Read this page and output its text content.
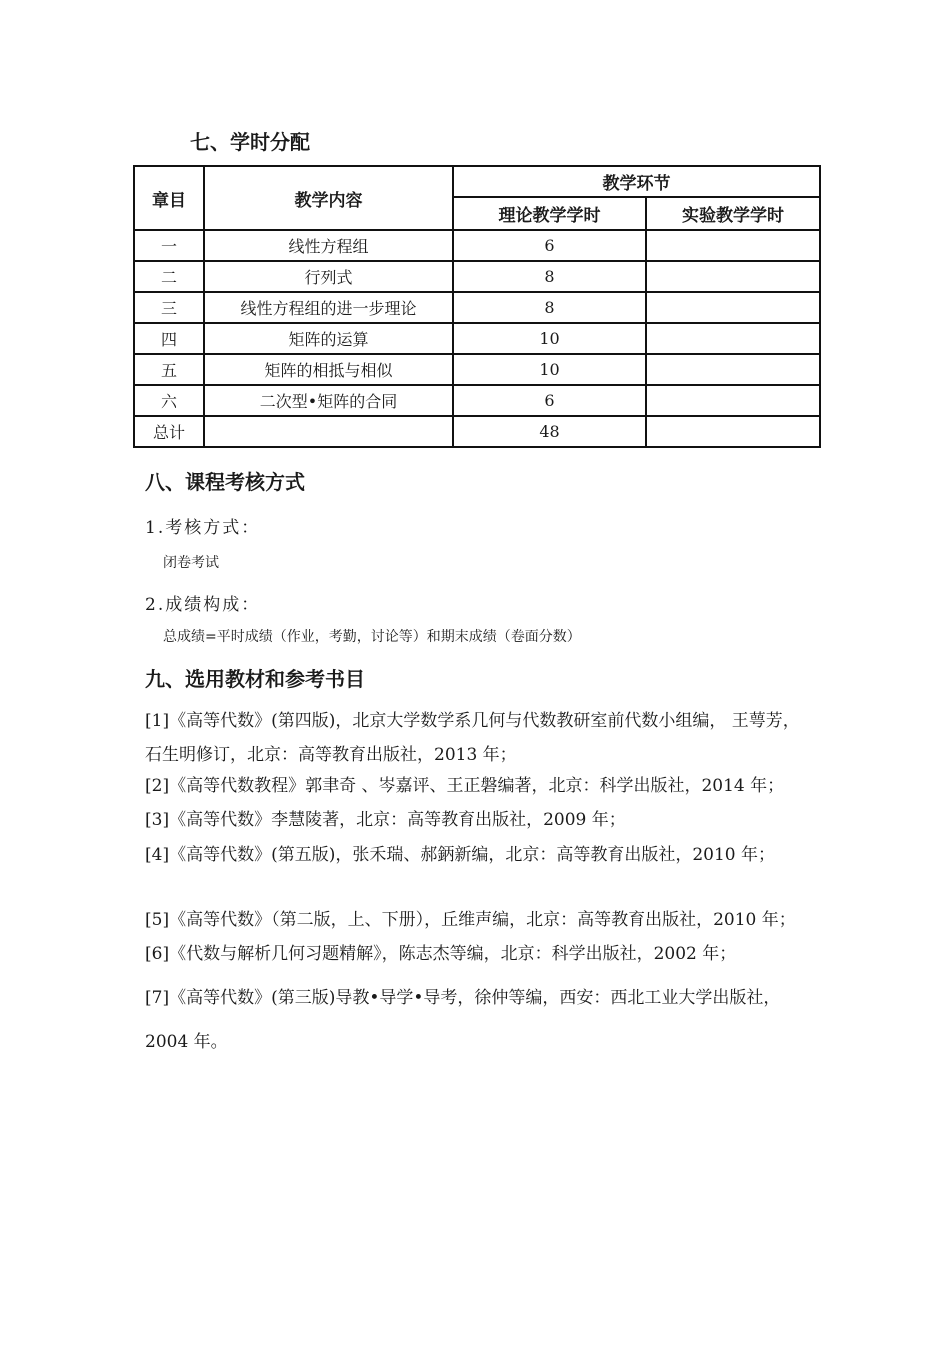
七、学时分配
章目	教学内容	教学环节	
		理论教学学时	实验教学学时
一	线性方程组	6	
二	行列式	8	
三	线性方程组的进一步理论	8	
四	矩阵的运算	10	
五	矩阵的相抵与相似	10	
六	二次型•矩阵的合同	6	
总计		48	
八、课程考核方式
1.考核方式：
闭卷考试
2.成绩构成：
总成绩=平时成绩（作业，考勤，讨论等）和期末成绩（卷面分数）
九、选用教材和参考书目
[1]《高等代数》(第四版)，北京大学数学系几何与代数教研室前代数小组编， 王萼芳，石生明修订，北京：高等教育出版社，2013 年；
[2]《高等代数教程》郭聿奇 、岑嘉评、王正磐编著，北京：科学出版社，2014 年；
[3]《高等代数》李慧陵著，北京：高等教育出版社，2009 年；
[4]《高等代数》(第五版)，张禾瑞、郝鈵新编，北京：高等教育出版社，2010 年；
[5]《高等代数》（第二版，上、下册），丘维声编，北京：高等教育出版社，2010 年；
[6]《代数与解析几何习题精解》，陈志杰等编，北京：科学出版社，2002 年；
[7]《高等代数》(第三版)导教•导学•导考，徐仲等编，西安：西北工业大学出版社，2004 年。
